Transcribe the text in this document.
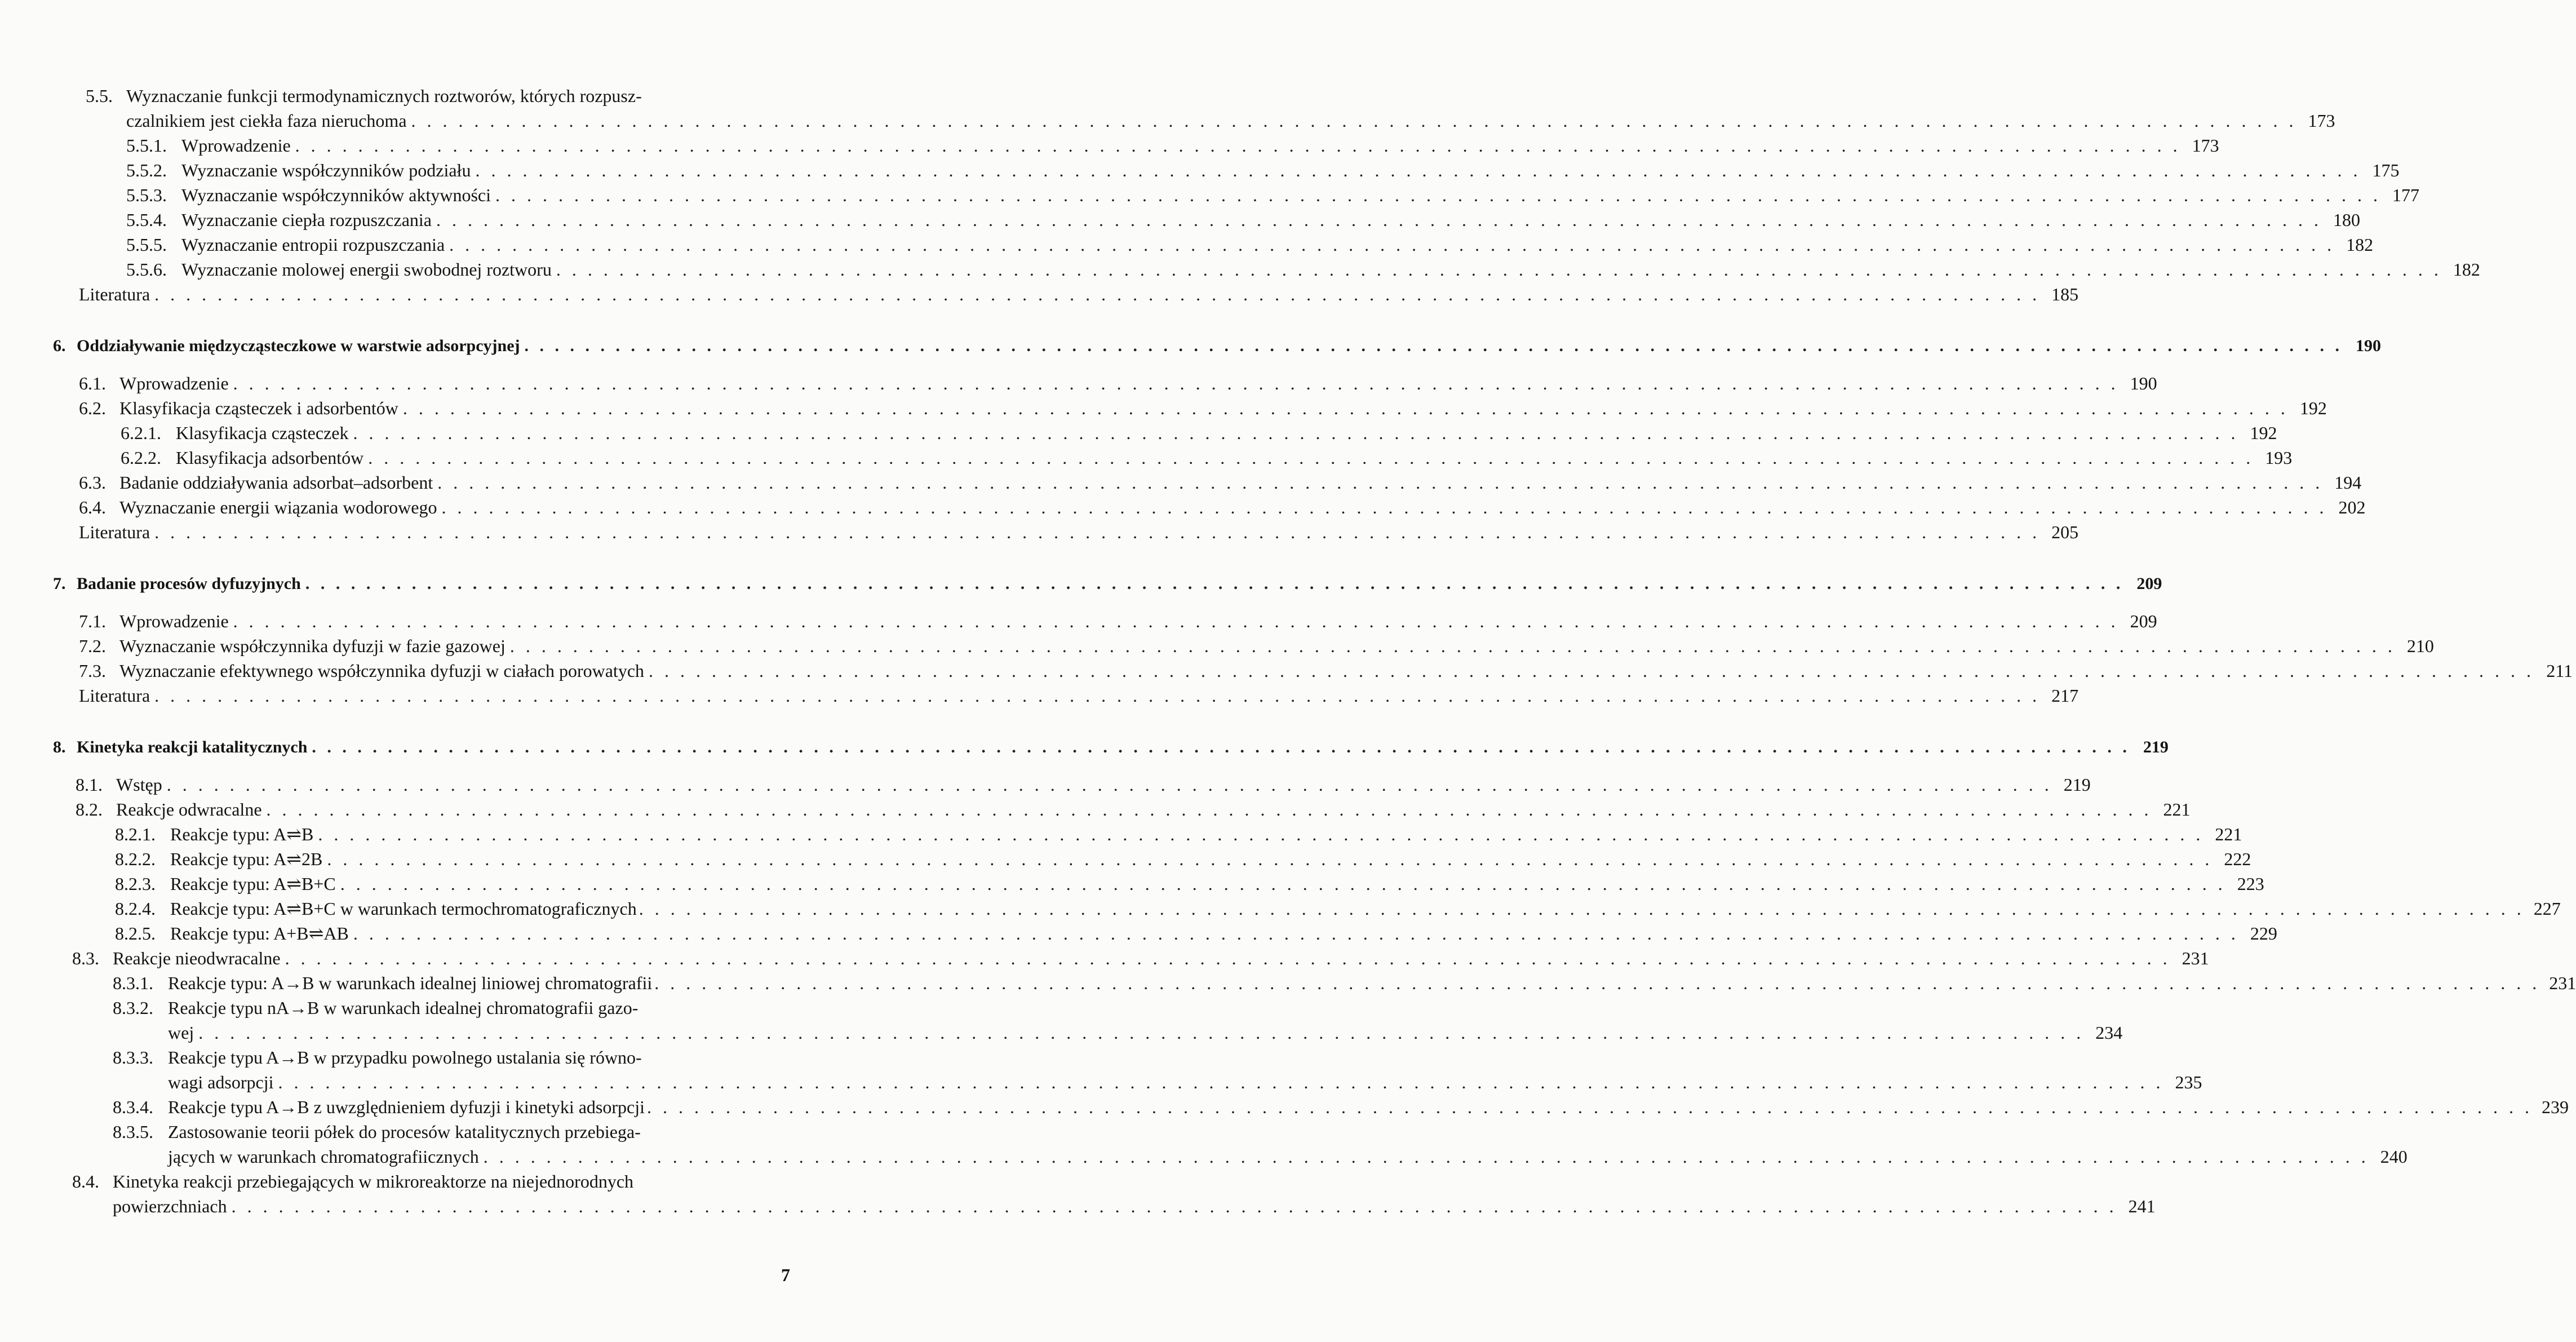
5.5. Wyznaczanie funkcji termodynamicznych roztworów, których rozpusz-
czalnikiem jest ciekła faza nieruchoma . . .	173
5.5.1. Wprowadzenie . . .	173
5.5.2. Wyznaczanie współczynników podziału . . .	175
5.5.3. Wyznaczanie współczynników aktywności . . .	177
5.5.4. Wyznaczanie ciepła rozpuszczania . . .	180
5.5.5. Wyznaczanie entropii rozpuszczania . . .	182
5.5.6. Wyznaczanie molowej energii swobodnej roztworu . . .	182
Literatura . . .	185
6. Oddziaływanie międzycząsteczkowe w warstwie adsorpcyjnej . . .	190
6.1. Wprowadzenie . . .	190
6.2. Klasyfikacja cząsteczek i adsorbentów . . .	192
6.2.1. Klasyfikacja cząsteczek . . .	192
6.2.2. Klasyfikacja adsorbentów . . .	193
6.3. Badanie oddziaływania adsorbat–adsorbent . . .	194
6.4. Wyznaczanie energii wiązania wodorowego . . .	202
Literatura . . .	205
7. Badanie procesów dyfuzyjnych . . .	209
7.1. Wprowadzenie . . .	209
7.2. Wyznaczanie współczynnika dyfuzji w fazie gazowej . . .	210
7.3. Wyznaczanie efektywnego współczynnika dyfuzji w ciałach porowatych . . .	211
Literatura . . .	217
8. Kinetyka reakcji katalitycznych . . .	219
8.1. Wstęp . . .	219
8.2. Reakcje odwracalne . . .	221
8.2.1. Reakcje typu: A⇌B . . .	221
8.2.2. Reakcje typu: A⇌2B . . .	222
8.2.3. Reakcje typu: A⇌B+C . . .	223
8.2.4. Reakcje typu: A⇌B+C w warunkach termochromatograficznych . . .	227
8.2.5. Reakcje typu: A+B⇌AB . . .	229
8.3. Reakcje nieodwracalne . . .	231
8.3.1. Reakcje typu: A→B w warunkach idealnej liniowej chromatografii . . .	231
8.3.2. Reakcje typu nA→B w warunkach idealnej chromatografii gazo-
wej . . .	234
8.3.3. Reakcje typu A→B w przypadku powolnego ustalania się równo-
wagi adsorpcji . . .	235
8.3.4. Reakcje typu A→B z uwzględnieniem dyfuzji i kinetyki adsorpcji . . .	239
8.3.5. Zastosowanie teorii półek do procesów katalitycznych przebiega-
jących w warunkach chromatografiicznych . . .	240
8.4. Kinetyka reakcji przebiegających w mikroreaktorze na niejednorodnych
powierzchniach . . .	241
7
